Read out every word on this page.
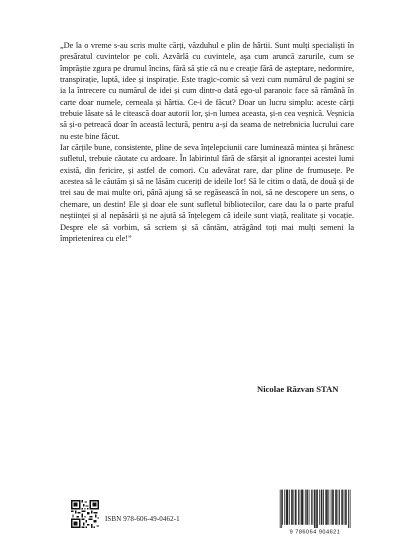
„De la o vreme s-au scris multe cărți, văzduhul e plin de hârtii. Sunt mulți specialiști în presăratul cuvintelor pe coli. Azvârlă cu cuvintele, așa cum aruncă zarurile, cum se împrăștie zgura pe drumul încins, fără să știe că nu e creație fără de așteptare, nedormire, transpirație, luptă, idee și inspirație. Este tragic-comic să vezi cum numărul de pagini se ia la întrecere cu numărul de idei și cum dintr-o dată ego-ul paranoic face să rămână în carte doar numele, cerneala și hârtia. Ce-i de făcut? Doar un lucru simplu: aceste cărți trebuie lăsate să le citească doar autorii lor, și-n lumea aceasta, și-n cea veșnică. Veșnicia să și-o petreacă doar în această lectură, pentru a-și da seama de netrebnicia lucrului care nu este bine făcut.

Iar cărțile bune, consistente, pline de seva înțelepciunii care luminează mintea și hrănesc sufletul, trebuie căutate cu ardoare. În labirintul fără de sfârșit al ignoranței acestei lumi există, din fericire, și astfel de comori. Cu adevărat rare, dar pline de frumusețe. Pe acestea să le căutăm și să ne lăsăm cuceriți de ideile lor! Să le citim o dată, de două și de trei sau de mai multe ori, până ajung să se regăsească în noi, să ne descopere un sens, o chemare, un destin! Ele și doar ele sunt sufletul bibliotecilor, care dau la o parte praful neștiinței și al nepăsării și ne ajută să înțelegem că ideile sunt viață, realitate și vocație. Despre ele să vorbim, să scriem și să cântăm, atrăgând toți mai mulți semeni la împrietenirea cu ele!”

Nicolae Răzvan STAN
ISBN 978-606-49-0462-1
9 786064 904621
